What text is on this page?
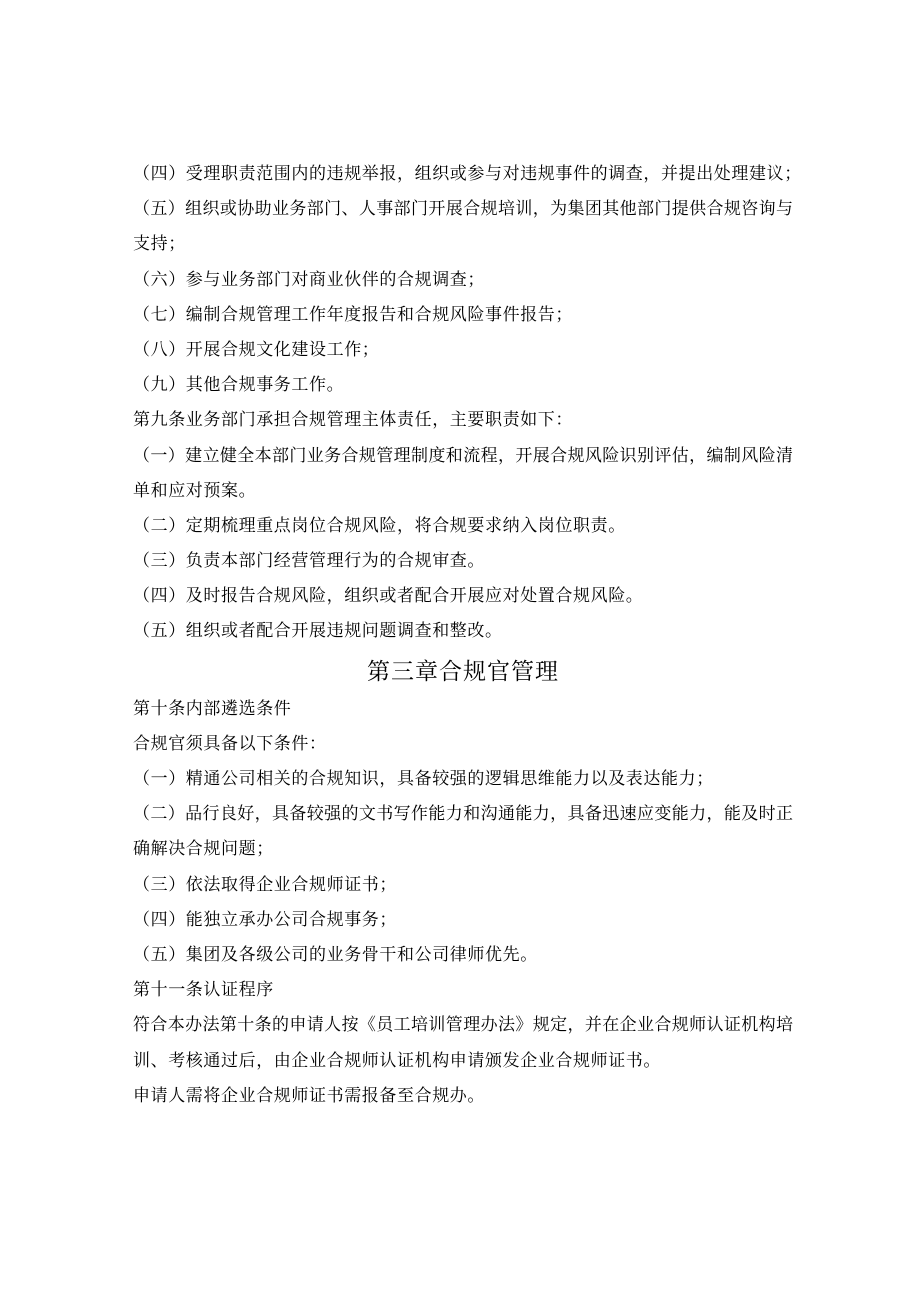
（四）受理职责范围内的违规举报，组织或参与对违规事件的调查，并提出处理建议；
（五）组织或协助业务部门、人事部门开展合规培训，为集团其他部门提供合规咨询与
支持；
（六）参与业务部门对商业伙伴的合规调查；
（七）编制合规管理工作年度报告和合规风险事件报告；
（八）开展合规文化建设工作；
（九）其他合规事务工作。
第九条业务部门承担合规管理主体责任，主要职责如下：
（一）建立健全本部门业务合规管理制度和流程，开展合规风险识别评估，编制风险清
单和应对预案。
（二）定期梳理重点岗位合规风险，将合规要求纳入岗位职责。
（三）负责本部门经营管理行为的合规审查。
（四）及时报告合规风险，组织或者配合开展应对处置合规风险。
（五）组织或者配合开展违规问题调查和整改。
第三章合规官管理
第十条内部遴选条件
合规官须具备以下条件：
（一）精通公司相关的合规知识，具备较强的逻辑思维能力以及表达能力；
（二）品行良好，具备较强的文书写作能力和沟通能力，具备迅速应变能力，能及时正
确解决合规问题；
（三）依法取得企业合规师证书；
（四）能独立承办公司合规事务；
（五）集团及各级公司的业务骨干和公司律师优先。
第十一条认证程序
符合本办法第十条的申请人按《员工培训管理办法》规定，并在企业合规师认证机构培
训、考核通过后，由企业合规师认证机构申请颁发企业合规师证书。
申请人需将企业合规师证书需报备至合规办。
